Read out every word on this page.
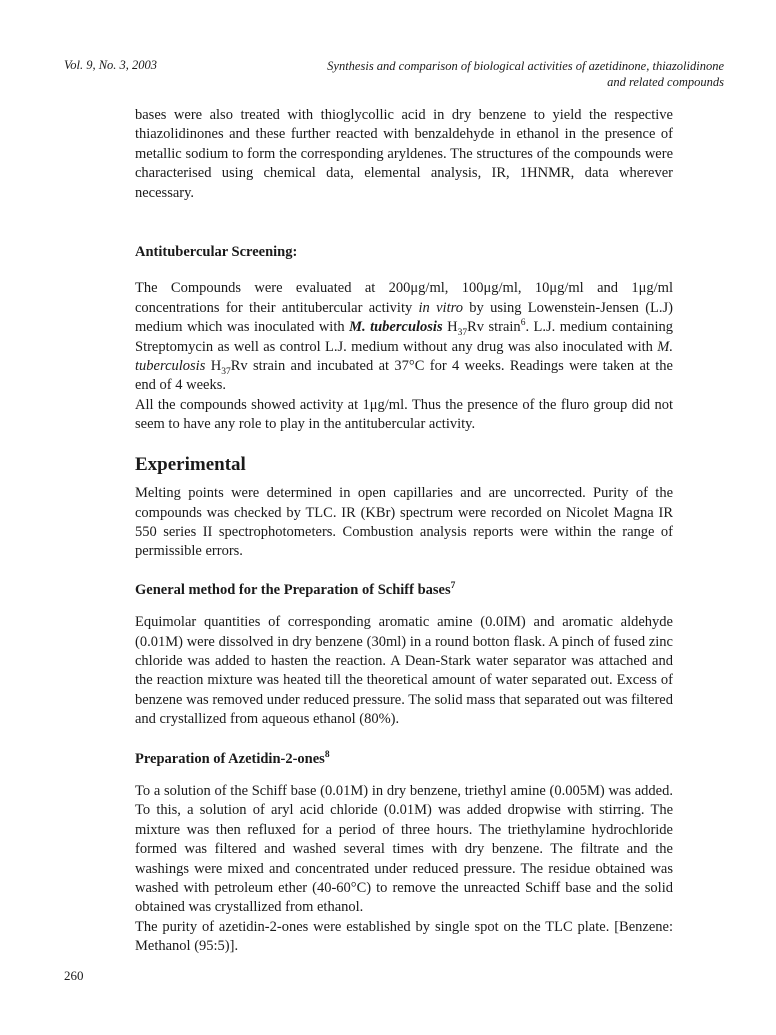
Vol. 9, No. 3, 2003	Synthesis and comparison of biological activities of azetidinone, thiazolidinone
and related compounds

bases were also treated with thioglycollic acid in dry benzene to yield the respective thiazolidinones and these further reacted with benzaldehyde in ethanol in the presence of metallic sodium to form the corresponding aryldenes. The structures of the compounds were characterised using chemical data, elemental analysis, IR, 1HNMR, data wherever necessary.

Antitubercular Screening:

The Compounds were evaluated at 200μg/ml, 100μg/ml, 10μg/ml and 1μg/ml concentrations for their antitubercular activity in vitro by using Lowenstein-Jensen (L.J) medium which was inoculated with M. tuberculosis $H_{37}Rv$ strain$^6$. L.J. medium containing Streptomycin as well as control L.J. medium without any drug was also inoculated with M. tuberculosis $H_{37}Rv$ strain and incubated at 37°C for 4 weeks. Readings were taken at the end of 4 weeks.

All the compounds showed activity at 1μg/ml. Thus the presence of the fluro group did not seem to have any role to play in the antitubercular activity.

Experimental

Melting points were determined in open capillaries and are uncorrected. Purity of the compounds was checked by TLC. IR (KBr) spectrum were recorded on Nicolet Magna IR 550 series II spectrophotometers. Combustion analysis reports were within the range of permissible errors.

General method for the Preparation of Schiff bases$^7$

Equimolar quantities of corresponding aromatic amine (0.0IM) and aromatic aldehyde (0.01M) were dissolved in dry benzene (30ml) in a round botton flask. A pinch of fused zinc chloride was added to hasten the reaction. A Dean-Stark water separator was attached and the reaction mixture was heated till the theoretical amount of water separated out. Excess of benzene was removed under reduced pressure. The solid mass that separated out was filtered and crystallized from aqueous ethanol (80%).

Preparation of Azetidin-2-ones$^8$

To a solution of the Schiff base (0.01M) in dry benzene, triethyl amine (0.005M) was added. To this, a solution of aryl acid chloride (0.01M) was added dropwise with stirring. The mixture was then refluxed for a period of three hours. The triethylamine hydrochloride formed was filtered and washed several times with dry benzene. The filtrate and the washings were mixed and concentrated under reduced pressure. The residue obtained was washed with petroleum ether (40-60°C) to remove the unreacted Schiff base and the solid obtained was crystallized from ethanol.

The purity of azetidin-2-ones were established by single spot on the TLC plate. [Benzene: Methanol (95:5)].

260
